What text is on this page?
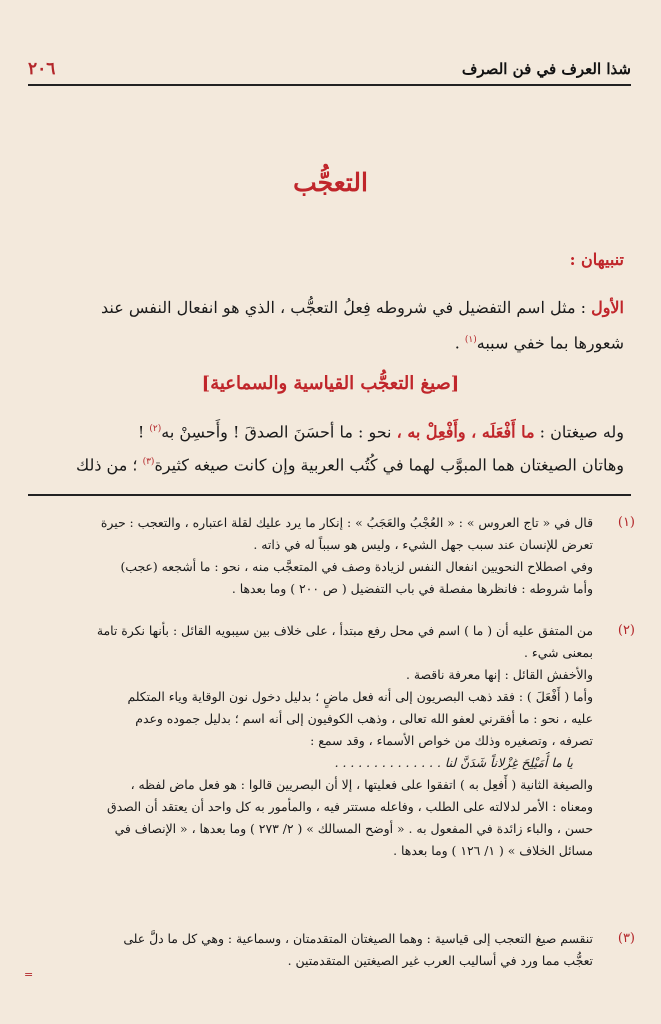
٢٠٦	شذا العرف في فن الصرف
التعجُّب
تنبيهان :
الأول : مثل اسم التفضيل في شروطه فِعلُ التعجُّب ، الذي هو انفعال النفس عند
شعورها بما خفي سببه$^{(١)}$ .
[صيغ التعجُّب القياسية والسماعية]
وله صيغتان : ما أَفْعَلَه ، وأَفْعِلْ به ، نحو : ما أحسَنَ الصدقَ ! وأَحسِنْ به$^{(٢)}$ !
وهاتان الصيغتان هما المبوَّب لهما في كُتُب العربية وإن كانت صيغه كثيرة$^{(٣)}$ ؛ من ذلك
(١)
قال في « تاج العروس » : « العُجْبُ والعَجَبُ » : إنكار ما يرد عليك لقلة اعتباره ، والتعجب : حيرة
تعرض للإنسان عند سبب جهل الشيء ، وليس هو سبباً له في ذاته .
وفي اصطلاح النحويين انفعال النفس لزيادة وصف في المتعجَّب منه ، نحو : ما أشجعه (عجب)
وأما شروطه : فانظرها مفصلة في باب التفضيل ( ص ٢٠٠ ) وما بعدها .
(٢)
من المتفق عليه أن ( ما ) اسم في محل رفع مبتدأ ، على خلاف بين سيبويه القائل : بأنها نكرة تامة
بمعنى شيء .
والأخفش القائل : إنها معرفة ناقصة .
وأما ( أَفْعَلَ ) : فقد ذهب البصريون إلى أنه فعل ماضٍ ؛ بدليل دخول نون الوقاية وياء المتكلم
عليه ، نحو : ما أفقرني لعفو الله تعالى ، وذهب الكوفيون إلى أنه اسم ؛ بدليل جموده وعدم
تصرفه ، وتصغيره وذلك من خواص الأسماء ، وقد سمع :
يا ما أُمَيْلِحَ غِزْلاناً شَدَنَّ لنا . . . . . . . . . . . . . .
والصيغة الثانية ( أَفعِل به ) اتفقوا على فعليتها ، إلا أن البصريين قالوا : هو فعل ماض لفظه ،
ومعناه : الأمر لدلالته على الطلب ، وفاعله مستتر فيه ، والمأمور به كل واحد أن يعتقد أن الصدق
حسن ، والباء زائدة في المفعول به . « أوضح المسالك » ( ٢/ ٢٧٣ ) وما بعدها ، « الإنصاف في
مسائل الخلاف » ( ١/ ١٢٦ ) وما بعدها .
(٣)
تنقسم صيغ التعجب إلى قياسية : وهما الصيغتان المتقدمتان ، وسماعية : وهي كل ما دلَّ على
تعجُّب مما ورد في أساليب العرب غير الصيغتين المتقدمتين .
=
